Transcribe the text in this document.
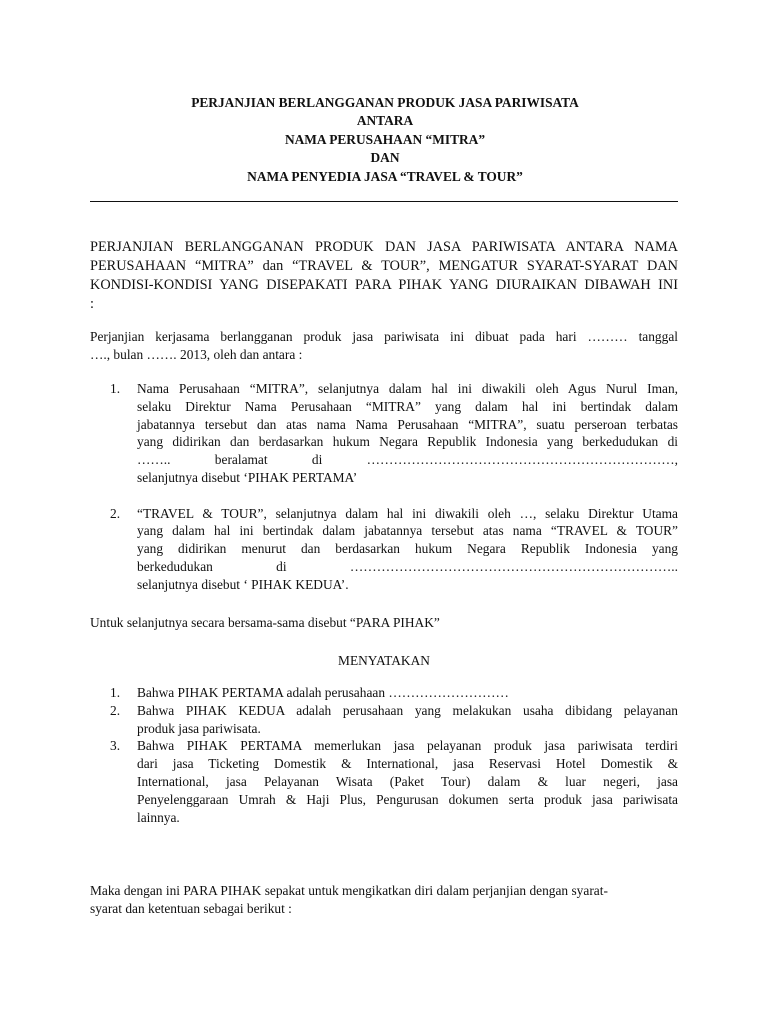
PERJANJIAN BERLANGGANAN PRODUK JASA PARIWISATA
ANTARA
NAMA PERUSAHAAN “MITRA”
DAN
NAMA PENYEDIA JASA “TRAVEL & TOUR”
PERJANJIAN BERLANGGANAN PRODUK DAN JASA PARIWISATA ANTARA NAMA
PERUSAHAAN “MITRA” dan “TRAVEL & TOUR”, MENGATUR SYARAT-SYARAT DAN
KONDISI-KONDISI YANG DISEPAKATI PARA PIHAK YANG DIURAIKAN DIBAWAH INI
:
Perjanjian kerjasama berlangganan produk jasa pariwisata ini dibuat pada hari ……… tanggal
…., bulan ……. 2013, oleh dan antara :
1.	Nama Perusahaan “MITRA”, selanjutnya dalam hal ini diwakili oleh Agus Nurul Iman,
selaku Direktur Nama Perusahaan “MITRA” yang dalam hal ini bertindak dalam
jabatannya tersebut dan atas nama Nama Perusahaan “MITRA”, suatu perseroan terbatas
yang didirikan dan berdasarkan hukum Negara Republik Indonesia yang berkedudukan di
…….. beralamat di ……………………………………………………………,
selanjutnya disebut ‘PIHAK PERTAMA’
2.	“TRAVEL & TOUR”, selanjutnya dalam hal ini diwakili oleh …, selaku Direktur Utama
yang dalam hal ini bertindak dalam jabatannya tersebut atas nama “TRAVEL & TOUR”
yang didirikan menurut dan berdasarkan hukum Negara Republik Indonesia yang
berkedudukan di ………………………………………………………………..
selanjutnya disebut ‘ PIHAK KEDUA’.
Untuk selanjutnya secara bersama-sama disebut “PARA PIHAK”
MENYATAKAN
1.	Bahwa PIHAK PERTAMA adalah perusahaan ………………………
2.	Bahwa PIHAK KEDUA adalah perusahaan yang melakukan usaha dibidang pelayanan
produk jasa pariwisata.
3.	Bahwa PIHAK PERTAMA memerlukan jasa pelayanan produk jasa pariwisata terdiri
dari jasa Ticketing Domestik & International, jasa Reservasi Hotel Domestik &
International, jasa Pelayanan Wisata (Paket Tour) dalam & luar negeri, jasa
Penyelenggaraan Umrah & Haji Plus, Pengurusan dokumen serta produk jasa pariwisata
lainnya.
Maka dengan ini PARA PIHAK sepakat untuk mengikatkan diri dalam perjanjian dengan syarat-
syarat dan ketentuan sebagai berikut :
